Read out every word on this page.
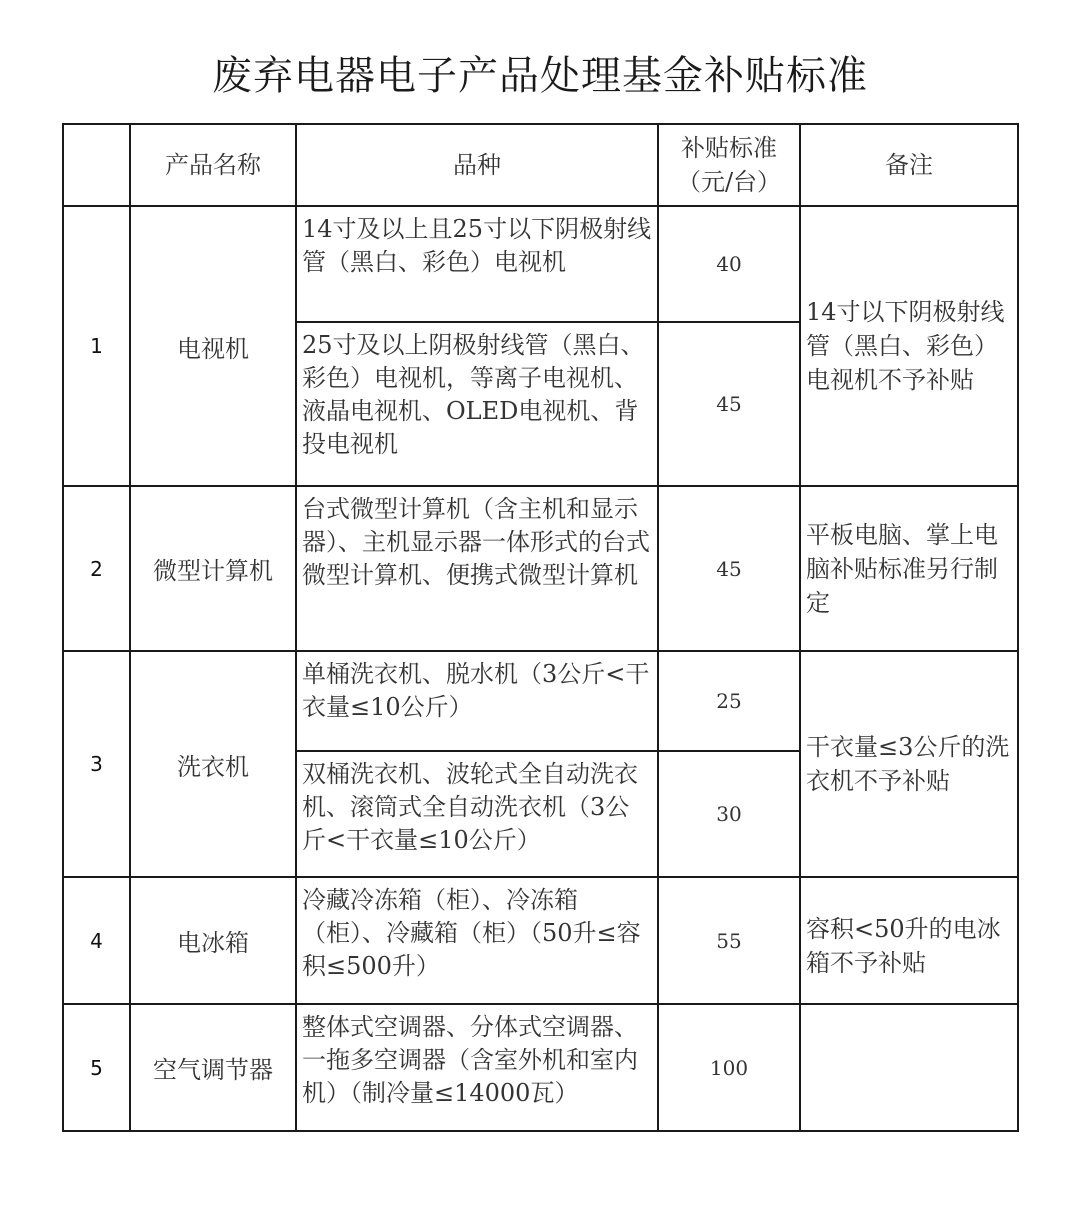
废弃电器电子产品处理基金补贴标准
	产品名称	品种	补贴标准（元/台）	备注
1	电视机	14寸及以上且25寸以下阴极射线管（黑白、彩色）电视机	40	14寸以下阴极射线管（黑白、彩色）电视机不予补贴
		25寸及以上阴极射线管（黑白、彩色）电视机，等离子电视机、液晶电视机、OLED电视机、背投电视机	45	
2	微型计算机	台式微型计算机（含主机和显示器）、主机显示器一体形式的台式微型计算机、便携式微型计算机	45	平板电脑、掌上电脑补贴标准另行制定
3	洗衣机	单桶洗衣机、脱水机（3公斤<干衣量≤10公斤）	25	干衣量≤3公斤的洗衣机不予补贴
		双桶洗衣机、波轮式全自动洗衣机、滚筒式全自动洗衣机（3公斤<干衣量≤10公斤）	30	
4	电冰箱	冷藏冷冻箱（柜）、冷冻箱（柜）、冷藏箱（柜）（50升≤容积≤500升）	55	容积<50升的电冰箱不予补贴
5	空气调节器	整体式空调器、分体式空调器、一拖多空调器（含室外机和室内机）（制冷量≤14000瓦）	100	
